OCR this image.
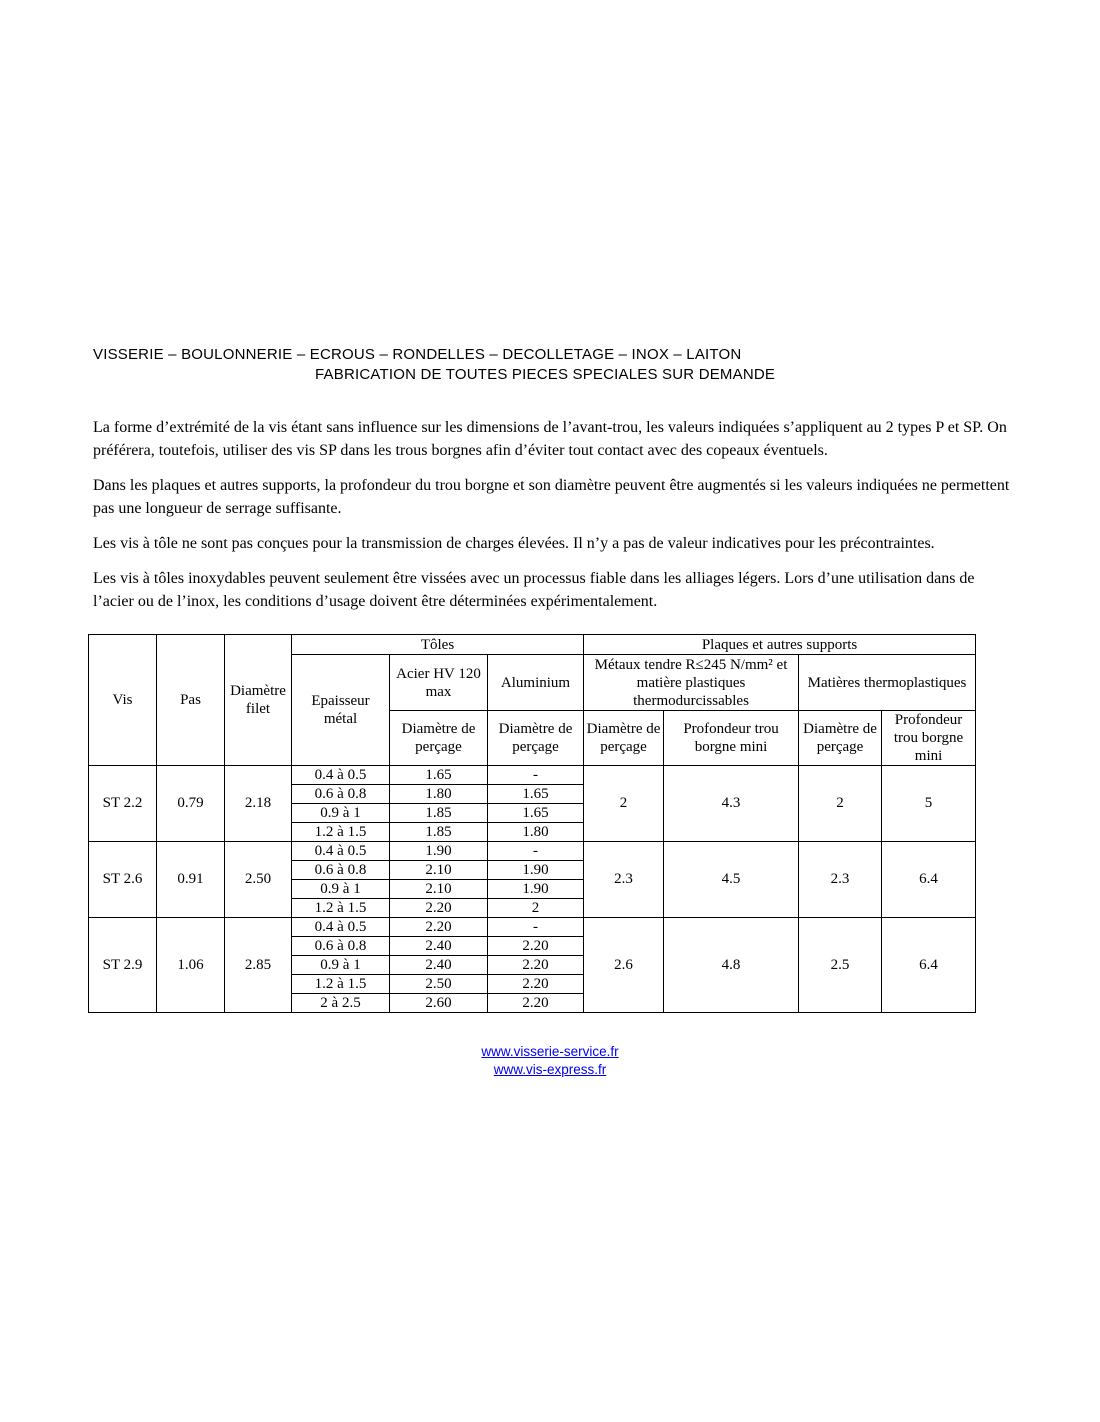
VISSERIE – BOULONNERIE – ECROUS – RONDELLES – DECOLLETAGE – INOX – LAITON
FABRICATION DE TOUTES PIECES SPECIALES SUR DEMANDE

La forme d’extrémité de la vis étant sans influence sur les dimensions de l’avant-trou, les valeurs indiquées s’appliquent au 2 types P et SP. On préférera, toutefois, utiliser des vis SP dans les trous borgnes afin d’éviter tout contact avec des copeaux éventuels.

Dans les plaques et autres supports, la profondeur du trou borgne et son diamètre peuvent être augmentés si les valeurs indiquées ne permettent pas une longueur de serrage suffisante.

Les vis à tôle ne sont pas conçues pour la transmission de charges élevées. Il n’y a pas de valeur indicatives pour les précontraintes.

Les vis à tôles inoxydables peuvent seulement être vissées avec un processus fiable dans les alliages légers. Lors d’une utilisation dans de l’acier ou de l’inox, les conditions d’usage doivent être déterminées expérimentalement.

Vis	Pas	Diamètre filet	Tôles			Plaques et autres supports			
			Epaisseur métal	Acier HV 120 max	Aluminium	Métaux tendre R≤245 N/mm² et matière plastiques thermodurcissables		Matières thermoplastiques	
				Diamètre de perçage	Diamètre de perçage	Diamètre de perçage	Profondeur trou borgne mini	Diamètre de perçage	Profondeur trou borgne mini
ST 2.2	0.79	2.18	0.4 à 0.5	1.65	-	2	4.3	2	5
			0.6 à 0.8	1.80	1.65				
			0.9 à 1	1.85	1.65				
			1.2 à 1.5	1.85	1.80				
ST 2.6	0.91	2.50	0.4 à 0.5	1.90	-	2.3	4.5	2.3	6.4
			0.6 à 0.8	2.10	1.90				
			0.9 à 1	2.10	1.90				
			1.2 à 1.5	2.20	2				
ST 2.9	1.06	2.85	0.4 à 0.5	2.20	-	2.6	4.8	2.5	6.4
			0.6 à 0.8	2.40	2.20				
			0.9 à 1	2.40	2.20				
			1.2 à 1.5	2.50	2.20				
			2 à 2.5	2.60	2.20				
www.visserie-service.fr
www.vis-express.fr
